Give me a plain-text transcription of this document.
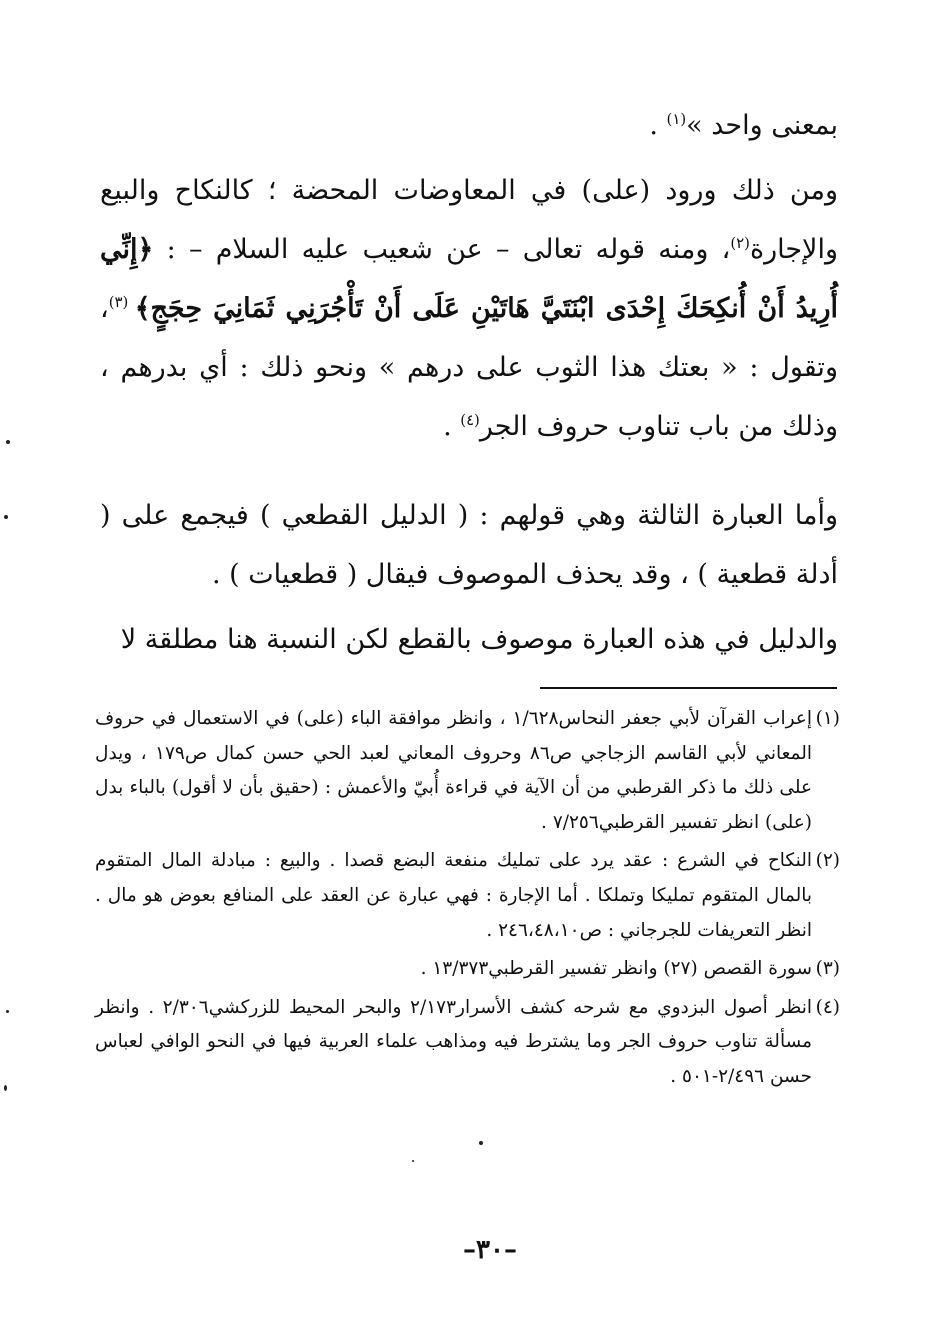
بمعنى واحد »$^{(١)}$ .

ومن ذلك ورود (على) في المعاوضات المحضة ؛ كالنكاح والبيع والإجارة$^{(٢)}$، ومنه قوله تعالى – عن شعيب عليه السلام – : ﴿إِنِّي أُرِيدُ أَنْ أُنكِحَكَ إِحْدَى ابْنَتَيَّ هَاتَيْنِ عَلَى أَنْ تَأْجُرَنِي ثَمَانِيَ حِجَجٍ﴾ $^{(٣)}$، وتقول : « بعتك هذا الثوب على درهم » ونحو ذلك : أي بدرهم ، وذلك من باب تناوب حروف الجر$^{(٤)}$ .

وأما العبارة الثالثة وهي قولهم : ( الدليل القطعي ) فيجمع على ( أدلة قطعية ) ، وقد يحذف الموصوف فيقال ( قطعيات ) .

والدليل في هذه العبارة موصوف بالقطع لكن النسبة هنا مطلقة لا

(١)إعراب القرآن لأبي جعفر النحاس١/٦٢٨ ، وانظر موافقة الباء (على) في الاستعمال في حروف المعاني لأبي القاسم الزجاجي ص٨٦ وحروف المعاني لعبد الحي حسن كمال ص١٧٩ ، ويدل على ذلك ما ذكر القرطبي من أن الآية في قراءة أُبيّ والأعمش : (حقيق بأن لا أقول) بالباء بدل (على) انظر تفسير القرطبي٧/٢٥٦ .

(٢)النكاح في الشرع : عقد يرد على تمليك منفعة البضع قصدا . والبيع : مبادلة المال المتقوم بالمال المتقوم تمليكا وتملكا . أما الإجارة : فهي عبارة عن العقد على المنافع بعوض هو مال . انظر التعريفات للجرجاني : ص٢٤٦،٤٨،١٠ .

(٣)سورة القصص (٢٧) وانظر تفسير القرطبي١٣/٣٧٣ .

(٤)انظر أصول البزدوي مع شرحه كشف الأسرار٢/١٧٣ والبحر المحيط للزركشي٢/٣٠٦ . وانظر مسألة تناوب حروف الجر وما يشترط فيه ومذاهب علماء العربية فيها في النحو الوافي لعباس حسن ٢/٤٩٦-٥٠١ .

–٣٠–
